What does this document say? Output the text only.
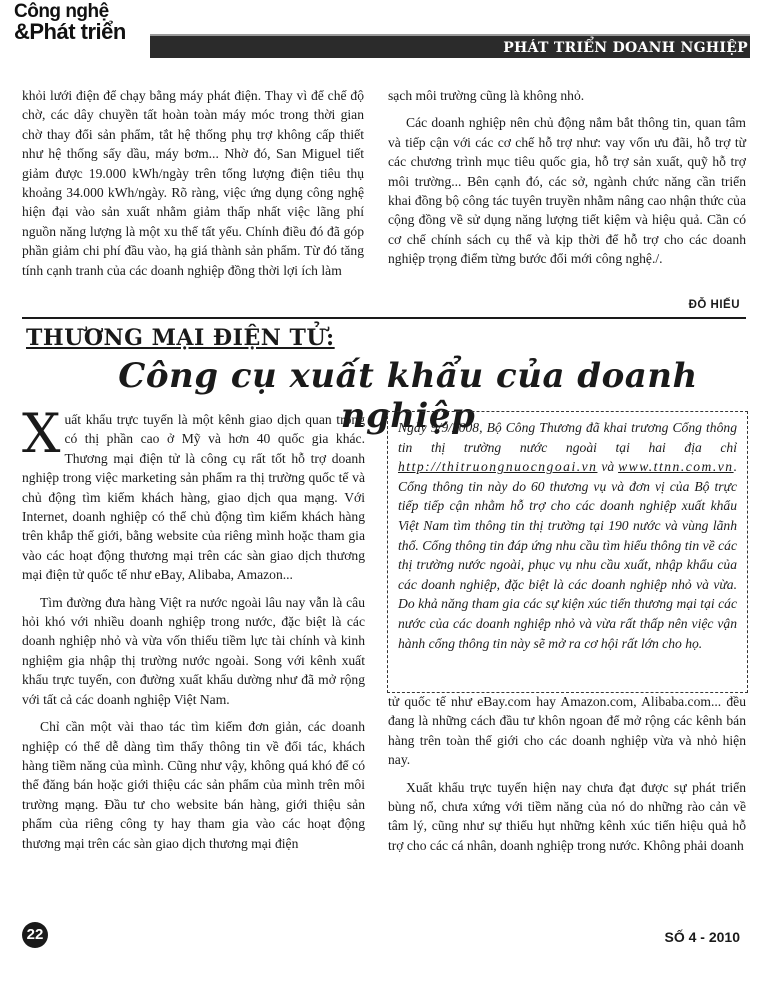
Công nghệ
&Phát triển
PHÁT TRIỂN DOANH NGHIỆP

khỏi lưới điện để chạy bằng máy phát điện. Thay vì để chế độ chờ, các dây chuyền tất hoàn toàn máy móc trong thời gian chờ thay đổi sản phẩm, tắt hệ thống phụ trợ không cấp thiết như hệ thống sấy dầu, máy bơm... Nhờ đó, San Miguel tiết giảm được 19.000 kWh/ngày trên tổng lượng điện tiêu thụ khoảng 34.000 kWh/ngày. Rõ ràng, việc ứng dụng công nghệ hiện đại vào sản xuất nhằm giảm thấp nhất việc lãng phí nguồn năng lượng là một xu thế tất yếu. Chính điều đó đã góp phần giảm chi phí đầu vào, hạ giá thành sản phẩm. Từ đó tăng tính cạnh tranh của các doanh nghiệp đồng thời lợi ích làm

sạch môi trường cũng là không nhỏ.

Các doanh nghiệp nên chủ động nắm bắt thông tin, quan tâm và tiếp cận với các cơ chế hỗ trợ như: vay vốn ưu đãi, hỗ trợ từ các chương trình mục tiêu quốc gia, hỗ trợ sản xuất, quỹ hỗ trợ môi trường... Bên cạnh đó, các sở, ngành chức năng cần triển khai đồng bộ công tác tuyên truyền nhằm nâng cao nhận thức của cộng đồng về sử dụng năng lượng tiết kiệm và hiệu quả. Cần có cơ chế chính sách cụ thể và kịp thời để hỗ trợ cho các doanh nghiệp trọng điểm từng bước đổi mới công nghệ./.

ĐỖ HIẾU
THƯƠNG MẠI ĐIỆN TỬ:
Công cụ xuất khẩu của doanh nghiệp

Xuất khẩu trực tuyến là một kênh giao dịch quan trọng có thị phần cao ở Mỹ và hơn 40 quốc gia khác. Thương mại điện tử là công cụ rất tốt hỗ trợ doanh nghiệp trong việc marketing sản phẩm ra thị trường quốc tế và chủ động tìm kiếm khách hàng, giao dịch qua mạng. Với Internet, doanh nghiệp có thể chủ động tìm kiếm khách hàng trên khắp thế giới, bằng website của riêng mình hoặc tham gia vào các hoạt động thương mại trên các sàn giao dịch thương mại điện tử quốc tế như eBay, Alibaba, Amazon...

Tìm đường đưa hàng Việt ra nước ngoài lâu nay vẫn là câu hỏi khó với nhiều doanh nghiệp trong nước, đặc biệt là các doanh nghiệp nhỏ và vừa vốn thiếu tiềm lực tài chính và kinh nghiệm gia nhập thị trường nước ngoài. Song với kênh xuất khẩu trực tuyến, con đường xuất khẩu dường như đã mở rộng với tất cả các doanh nghiệp Việt Nam.

Chỉ cần một vài thao tác tìm kiếm đơn giản, các doanh nghiệp có thể dễ dàng tìm thấy thông tin về đối tác, khách hàng tiềm năng của mình. Cũng như vậy, không quá khó để có thể đăng bán hoặc giới thiệu các sản phẩm của mình trên môi trường mạng. Đầu tư cho website bán hàng, giới thiệu sản phẩm của riêng công ty hay tham gia vào các hoạt động thương mại trên các sàn giao dịch thương mại điện

Ngày 9/9/2008, Bộ Công Thương đã khai trương Cổng thông tin thị trường nước ngoài tại hai địa chỉ http://thitruongnuocngoai.vn và www.ttnn.com.vn. Cổng thông tin này do 60 thương vụ và đơn vị của Bộ trực tiếp tiếp cận nhằm hỗ trợ cho các doanh nghiệp xuất khẩu Việt Nam tìm thông tin thị trường tại 190 nước và vùng lãnh thổ. Cổng thông tin đáp ứng nhu cầu tìm hiểu thông tin về các thị trường nước ngoài, phục vụ nhu cầu xuất, nhập khẩu của các doanh nghiệp, đặc biệt là các doanh nghiệp nhỏ và vừa. Do khả năng tham gia các sự kiện xúc tiến thương mại tại các nước của các doanh nghiệp nhỏ và vừa rất thấp nên việc vận hành cổng thông tin này sẽ mở ra cơ hội rất lớn cho họ.

tử quốc tế như eBay.com hay Amazon.com, Alibaba.com... đều đang là những cách đầu tư khôn ngoan để mở rộng các kênh bán hàng trên toàn thế giới cho các doanh nghiệp vừa và nhỏ hiện nay.

Xuất khẩu trực tuyến hiện nay chưa đạt được sự phát triển bùng nổ, chưa xứng với tiềm năng của nó do những rào cản về tâm lý, cũng như sự thiếu hụt những kênh xúc tiến hiệu quả hỗ trợ cho các cá nhân, doanh nghiệp trong nước. Không phải doanh

22	SỐ 4 - 2010
